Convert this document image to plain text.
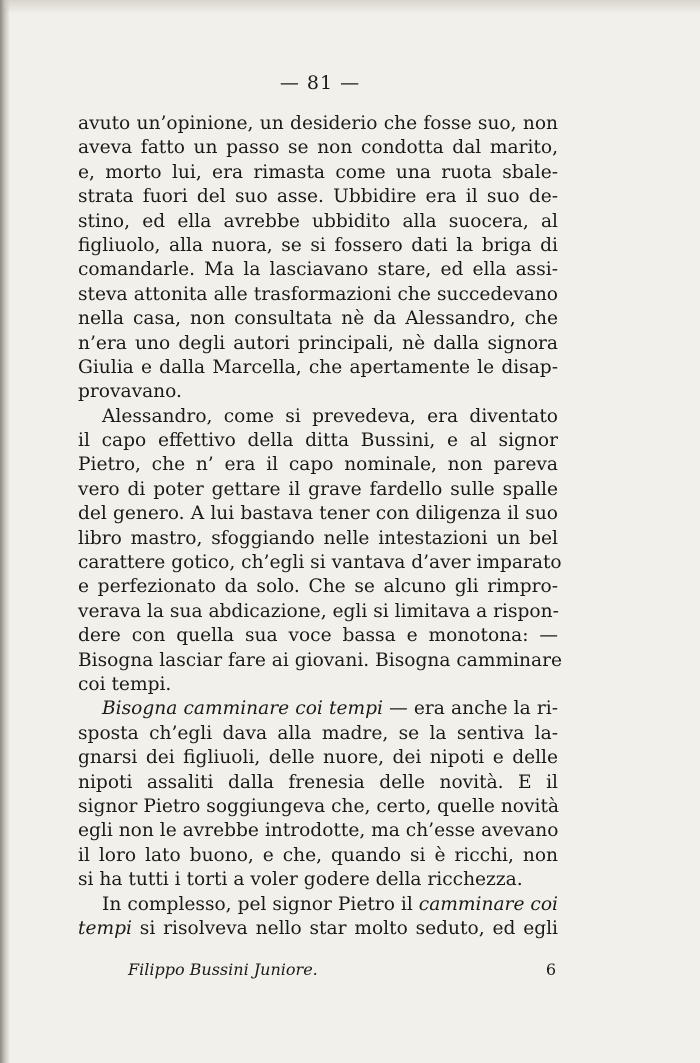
— 81 —
avuto un’opinione, un desiderio che fosse suo, non
aveva fatto un passo se non condotta dal marito,
e, morto lui, era rimasta come una ruota sbale-
strata fuori del suo asse. Ubbidire era il suo de-
stino, ed ella avrebbe ubbidito alla suocera, al
figliuolo, alla nuora, se si fossero dati la briga di
comandarle. Ma la lasciavano stare, ed ella assi-
steva attonita alle trasformazioni che succedevano
nella casa, non consultata nè da Alessandro, che
n’era uno degli autori principali, nè dalla signora
Giulia e dalla Marcella, che apertamente le disap-
provavano.
Alessandro, come si prevedeva, era diventato
il capo effettivo della ditta Bussini, e al signor
Pietro, che n’ era il capo nominale, non pareva
vero di poter gettare il grave fardello sulle spalle
del genero. A lui bastava tener con diligenza il suo
libro mastro, sfoggiando nelle intestazioni un bel
carattere gotico, ch’egli si vantava d’aver imparato
e perfezionato da solo. Che se alcuno gli rimpro-
verava la sua abdicazione, egli si limitava a rispon-
dere con quella sua voce bassa e monotona: —
Bisogna lasciar fare ai giovani. Bisogna camminare
coi tempi.
Bisogna camminare coi tempi — era anche la ri-
sposta ch’egli dava alla madre, se la sentiva la-
gnarsi dei figliuoli, delle nuore, dei nipoti e delle
nipoti assaliti dalla frenesia delle novità. E il
signor Pietro soggiungeva che, certo, quelle novità
egli non le avrebbe introdotte, ma ch’esse avevano
il loro lato buono, e che, quando si è ricchi, non
si ha tutti i torti a voler godere della ricchezza.
In complesso, pel signor Pietro il camminare coi
tempi si risolveva nello star molto seduto, ed egli
Filippo Bussini Juniore.	6
